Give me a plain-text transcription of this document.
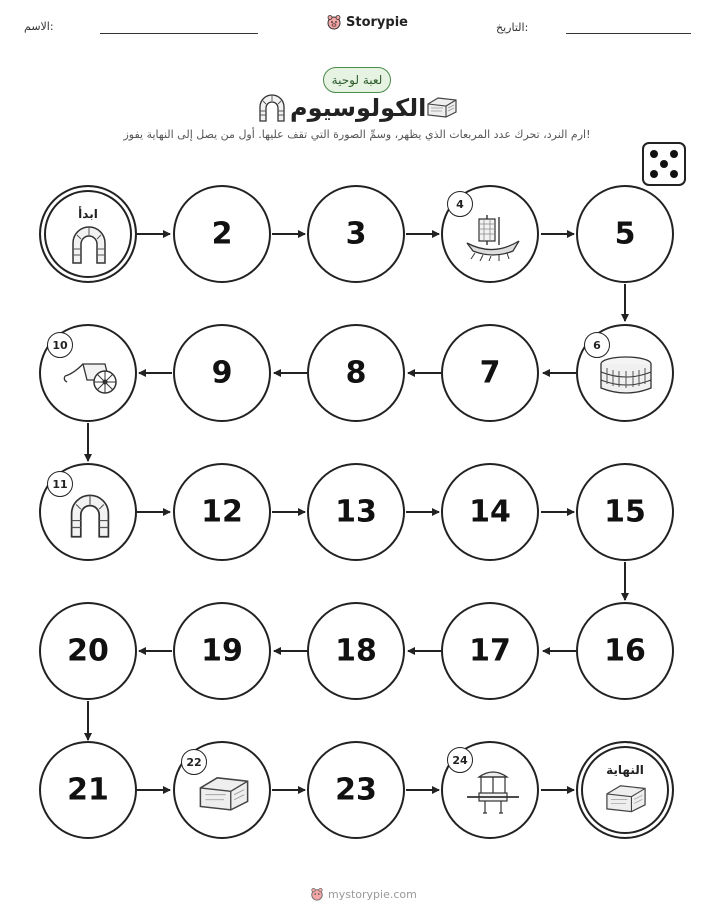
الاسم:	Storypie	التاريخ:
لعبة لوحية
الكولوسيوم
ارم النرد، تحرك عدد المربعات الذي يظهر، وسمِّ الصورة التي تقف عليها. أول من يصل إلى النهاية يفوز!
ابدأ
2	3
4
5
9	8	7
6
10
11
12	13	14	15
20	19	18	17	16
21
22
23
24
النهاية
mystorypie.com
